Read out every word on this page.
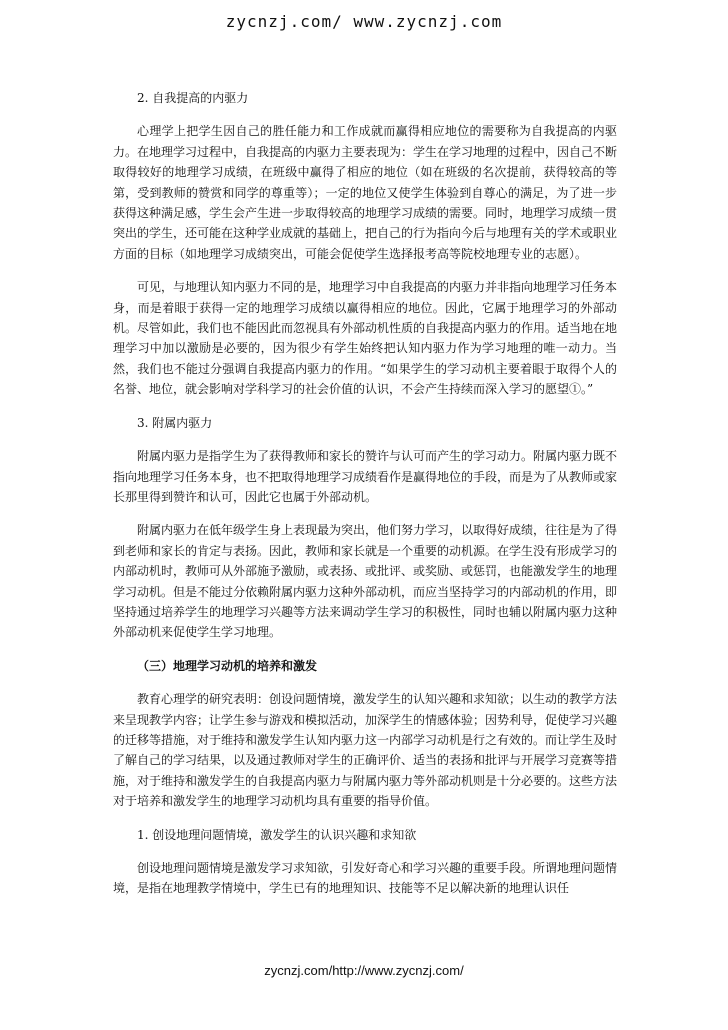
zycnzj.com/ www.zycnzj.com

2. 自我提高的内驱力

心理学上把学生因自己的胜任能力和工作成就而赢得相应地位的需要称为自我提高的内驱力。在地理学习过程中，自我提高的内驱力主要表现为：学生在学习地理的过程中，因自己不断取得较好的地理学习成绩，在班级中赢得了相应的地位（如在班级的名次提前，获得较高的等第，受到教师的赞赏和同学的尊重等）；一定的地位又使学生体验到自尊心的满足，为了进一步获得这种满足感，学生会产生进一步取得较高的地理学习成绩的需要。同时，地理学习成绩一贯突出的学生，还可能在这种学业成就的基础上，把自己的行为指向今后与地理有关的学术或职业方面的目标（如地理学习成绩突出，可能会促使学生选择报考高等院校地理专业的志愿）。

可见，与地理认知内驱力不同的是，地理学习中自我提高的内驱力并非指向地理学习任务本身，而是着眼于获得一定的地理学习成绩以赢得相应的地位。因此，它属于地理学习的外部动机。尽管如此，我们也不能因此而忽视具有外部动机性质的自我提高内驱力的作用。适当地在地理学习中加以激励是必要的，因为很少有学生始终把认知内驱力作为学习地理的唯一动力。当然，我们也不能过分强调自我提高内驱力的作用。“如果学生的学习动机主要着眼于取得个人的名誉、地位，就会影响对学科学习的社会价值的认识，不会产生持续而深入学习的愿望①。”

3. 附属内驱力

附属内驱力是指学生为了获得教师和家长的赞许与认可而产生的学习动力。附属内驱力既不指向地理学习任务本身，也不把取得地理学习成绩看作是赢得地位的手段，而是为了从教师或家长那里得到赞许和认可，因此它也属于外部动机。

附属内驱力在低年级学生身上表现最为突出，他们努力学习，以取得好成绩，往往是为了得到老师和家长的肯定与表扬。因此，教师和家长就是一个重要的动机源。在学生没有形成学习的内部动机时，教师可从外部施予激励，或表扬、或批评、或奖励、或惩罚，也能激发学生的地理学习动机。但是不能过分依赖附属内驱力这种外部动机，而应当坚持学习的内部动机的作用，即坚持通过培养学生的地理学习兴趣等方法来调动学生学习的积极性，同时也辅以附属内驱力这种外部动机来促使学生学习地理。

（三）地理学习动机的培养和激发

教育心理学的研究表明：创设问题情境，激发学生的认知兴趣和求知欲；以生动的教学方法来呈现教学内容；让学生参与游戏和模拟活动，加深学生的情感体验；因势利导，促使学习兴趣的迁移等措施，对于维持和激发学生认知内驱力这一内部学习动机是行之有效的。而让学生及时了解自己的学习结果，以及通过教师对学生的正确评价、适当的表扬和批评与开展学习竞赛等措施，对于维持和激发学生的自我提高内驱力与附属内驱力等外部动机则是十分必要的。这些方法对于培养和激发学生的地理学习动机均具有重要的指导价值。

1. 创设地理问题情境，激发学生的认识兴趣和求知欲

创设地理问题情境是激发学习求知欲，引发好奇心和学习兴趣的重要手段。所谓地理问题情境，是指在地理教学情境中，学生已有的地理知识、技能等不足以解决新的地理认识任

zycnzj.com/http://www.zycnzj.com/
